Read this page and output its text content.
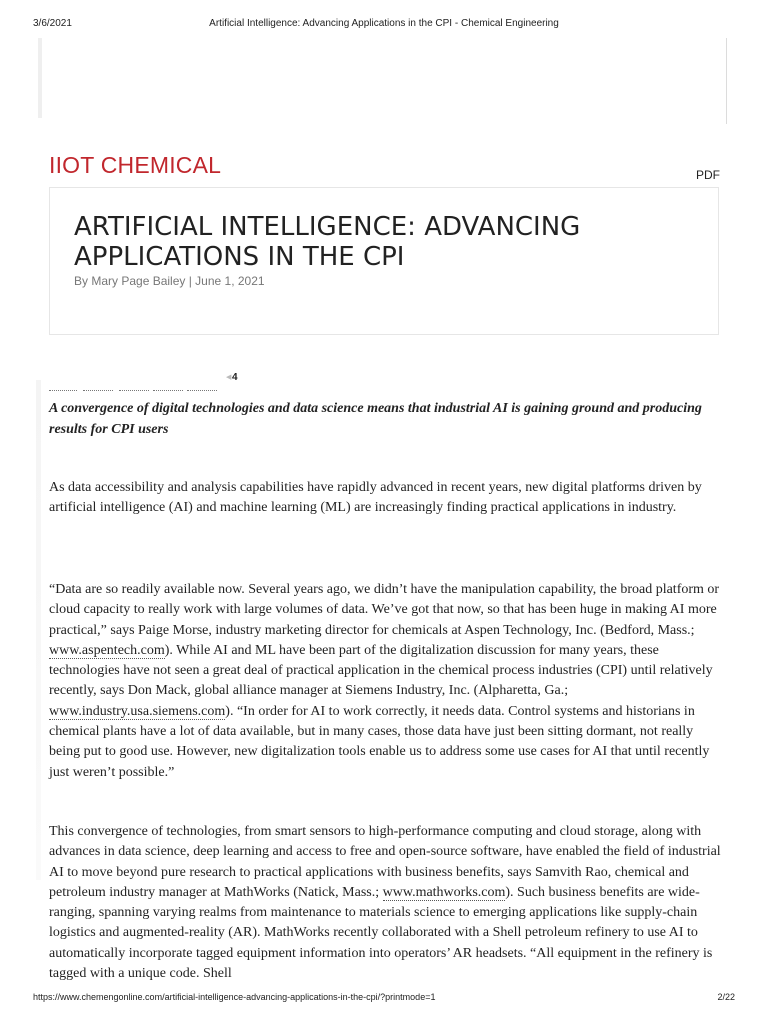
3/6/2021	Artificial Intelligence: Advancing Applications in the CPI - Chemical Engineering
IIOT CHEMICAL	PDF
ARTIFICIAL INTELLIGENCE: ADVANCING APPLICATIONS IN THE CPI
By Mary Page Bailey | June 1, 2021
◀ 4
A convergence of digital technologies and data science means that industrial AI is gaining ground and producing results for CPI users

As data accessibility and analysis capabilities have rapidly advanced in recent years, new digital platforms driven by artificial intelligence (AI) and machine learning (ML) are increasingly finding practical applications in industry.

“Data are so readily available now. Several years ago, we didn’t have the manipulation capability, the broad platform or cloud capacity to really work with large volumes of data. We’ve got that now, so that has been huge in making AI more practical,” says Paige Morse, industry marketing director for chemicals at Aspen Technology, Inc. (Bedford, Mass.; www.aspentech.com). While AI and ML have been part of the digitalization discussion for many years, these technologies have not seen a great deal of practical application in the chemical process industries (CPI) until relatively recently, says Don Mack, global alliance manager at Siemens Industry, Inc. (Alpharetta, Ga.; www.industry.usa.siemens.com). “In order for AI to work correctly, it needs data. Control systems and historians in chemical plants have a lot of data available, but in many cases, those data have just been sitting dormant, not really being put to good use. However, new digitalization tools enable us to address some use cases for AI that until recently just weren’t possible.”

This convergence of technologies, from smart sensors to high-performance computing and cloud storage, along with advances in data science, deep learning and access to free and open-source software, have enabled the field of industrial AI to move beyond pure research to practical applications with business benefits, says Samvith Rao, chemical and petroleum industry manager at MathWorks (Natick, Mass.; www.mathworks.com). Such business benefits are wide-ranging, spanning varying realms from maintenance to materials science to emerging applications like supply-chain logistics and augmented-reality (AR). MathWorks recently collaborated with a Shell petroleum refinery to use AI to automatically incorporate tagged equipment information into operators’ AR headsets. “All equipment in the refinery is tagged with a unique code. Shell

https://www.chemengonline.com/artificial-intelligence-advancing-applications-in-the-cpi/?printmode=1	2/22
